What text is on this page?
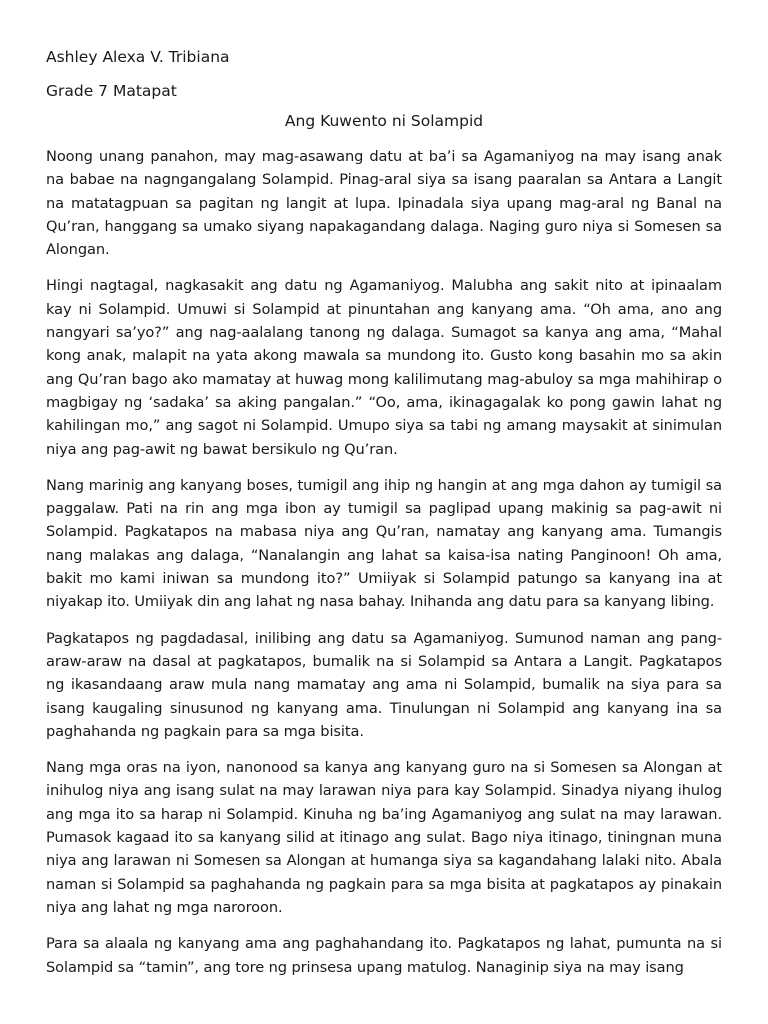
Ashley Alexa V. Tribiana
Grade 7 Matapat
Ang Kuwento ni Solampid

Noong unang panahon, may mag-asawang datu at ba’i sa Agamaniyog na may isang anak na babae na nagngangalang Solampid. Pinag-aral siya sa isang paaralan sa Antara a Langit na matatagpuan sa pagitan ng langit at lupa. Ipinadala siya upang mag-aral ng Banal na Qu’ran, hanggang sa umako siyang napakagandang dalaga. Naging guro niya si Somesen sa Alongan.

Hingi nagtagal, nagkasakit ang datu ng Agamaniyog. Malubha ang sakit nito at ipinaalam kay ni Solampid. Umuwi si Solampid at pinuntahan ang kanyang ama. “Oh ama, ano ang nangyari sa’yo?” ang nag-aalalang tanong ng dalaga. Sumagot sa kanya ang ama, “Mahal kong anak, malapit na yata akong mawala sa mundong ito. Gusto kong basahin mo sa akin ang Qu’ran bago ako mamatay at huwag mong kalilimutang mag-abuloy sa mga mahihirap o magbigay ng ‘sadaka’ sa aking pangalan.” “Oo, ama, ikinagagalak ko pong gawin lahat ng kahilingan mo,” ang sagot ni Solampid. Umupo siya sa tabi ng amang maysakit at sinimulan niya ang pag-awit ng bawat bersikulo ng Qu’ran.

Nang marinig ang kanyang boses, tumigil ang ihip ng hangin at ang mga dahon ay tumigil sa paggalaw. Pati na rin ang mga ibon ay tumigil sa paglipad upang makinig sa pag-awit ni Solampid. Pagkatapos na mabasa niya ang Qu’ran, namatay ang kanyang ama. Tumangis nang malakas ang dalaga, “Nanalangin ang lahat sa kaisa-isa nating Panginoon! Oh ama, bakit mo kami iniwan sa mundong ito?” Umiiyak si Solampid patungo sa kanyang ina at niyakap ito. Umiiyak din ang lahat ng nasa bahay. Inihanda ang datu para sa kanyang libing.

Pagkatapos ng pagdadasal, inilibing ang datu sa Agamaniyog. Sumunod naman ang pang-araw-araw na dasal at pagkatapos, bumalik na si Solampid sa Antara a Langit. Pagkatapos ng ikasandaang araw mula nang mamatay ang ama ni Solampid, bumalik na siya para sa isang kaugaling sinusunod ng kanyang ama. Tinulungan ni Solampid ang kanyang ina sa paghahanda ng pagkain para sa mga bisita.

Nang mga oras na iyon, nanonood sa kanya ang kanyang guro na si Somesen sa Alongan at inihulog niya ang isang sulat na may larawan niya para kay Solampid. Sinadya niyang ihulog ang mga ito sa harap ni Solampid. Kinuha ng ba’ing Agamaniyog ang sulat na may larawan. Pumasok kagaad ito sa kanyang silid at itinago ang sulat. Bago niya itinago, tiningnan muna niya ang larawan ni Somesen sa Alongan at humanga siya sa kagandahang lalaki nito. Abala naman si Solampid sa paghahanda ng pagkain para sa mga bisita at pagkatapos ay pinakain niya ang lahat ng mga naroroon.

Para sa alaala ng kanyang ama ang paghahandang ito. Pagkatapos ng lahat, pumunta na si Solampid sa “tamin”, ang tore ng prinsesa upang matulog. Nanaginip siya na may isang
